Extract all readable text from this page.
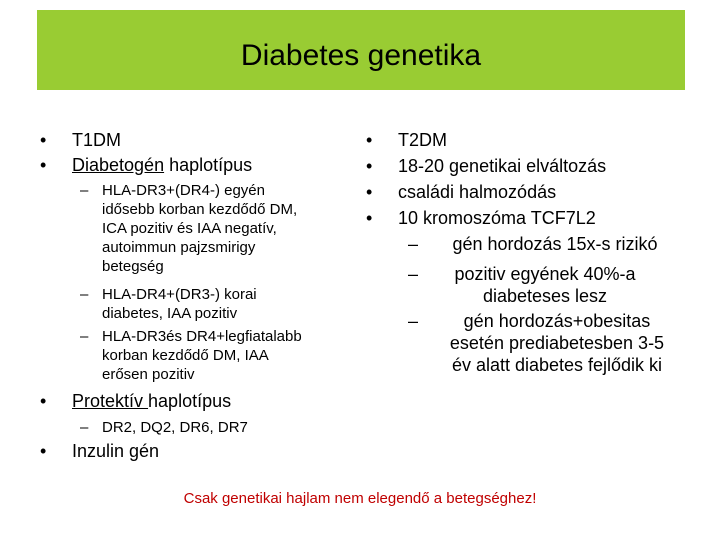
Diabetes genetika
• T1DM
• Diabetogén haplotípus
– HLA-DR3+(DR4-) egyén
idősebb korban kezdődő DM,
ICA pozitiv és IAA negatív,
autoimmun pajzsmirigy
betegség
– HLA-DR4+(DR3-) korai
diabetes, IAA pozitiv
– HLA-DR3és DR4+legfiatalabb
korban kezdődő DM, IAA
erősen pozitiv
• Protektív haplotípus
– DR2, DQ2, DR6, DR7
• Inzulin gén
• T2DM
• 18-20 genetikai elváltozás
• családi halmozódás
• 10 kromoszóma TCF7L2
–	gén hordozás 15x-s rizikó
–	pozitiv egyének 40%-a
diabeteses lesz
–	gén hordozás+obesitas
esetén prediabetesben 3-5
év alatt diabetes fejlődik ki
Csak genetikai hajlam nem elegendő a betegséghez!
